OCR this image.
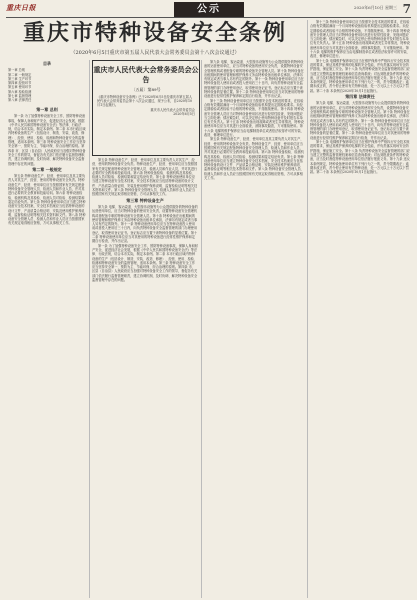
重庆日报	公示	2020年6月10日 星期三 7
重庆市特种设备安全条例
（2020年6月5日重庆市第五届人民代表大会常务委员会第十八次会议通过）

目录

第一章 总则

第二章 一般规定

第三章 生产环节

第四章 经营环节

第五章 使用环节

第六章 检验检测

第七章 监督管理

第八章 法律责任

第一章 总则

第一条 为了加强特种设备安全工作，预防特种设备事故，保障人身和财产安全，促进经济社会发展，根据《中华人民共和国特种设备安全法》等法律、行政法规，结合本市实际，制定本条例。第二条 本市行政区域内特种设备的生产（包括设计、制造、安装、改造、修理）、经营、使用、检验、检测和特种设备安全的监督管理，适用本条例。第三条 特种设备安全工作应当坚持安全第一、预防为主、节能环保、综合治理的原则。第四条 市、区县（自治县）人民政府应当加强对特种设备安全工作的领导，督促各有关部门依法履行监督管理职责，建立协调机制，及时协调、解决特种设备安全监督管理中存在的问题。

第二章 一般规定

第五条 特种设备生产、经营、使用单位及其主要负责人对其生产、经营、使用的特种设备安全负责。特种设备生产、经营、使用单位应当按照国家有关规定配备特种设备安全管理人员、检测人员和作业人员，并对其进行必要的安全教育和技能培训。第六条 特种设备检验、检测机构及其检验、检测人员对检验、检测结果和鉴定结论负责。第七条 特种设备使用单位应当建立特种设备安全技术档案，安全技术档案应当包括特种设备的设计文件、产品质量合格证明、安装及使用维护保养说明、监督检验证明等相关技术资料和文件。第八条 特种设备安全管理人员、检测人员和作业人员应当按照国家有关规定取得相应资格，方可从事相关工作。

重庆市人民代表大会常务委员会公告
〔五届〕第89号
《重庆市特种设备安全条例》已于2020年6月5日经重庆市第五届人民代表大会常务委员会第十八次会议通过，现予公布，自2020年10月1日起施行。
重庆市人民代表大会常务委员会
2020年6月5日

第五条 特种设备生产、经营、使用单位及其主要负责人对其生产、经营、使用的特种设备安全负责。特种设备生产、经营、使用单位应当按照国家有关规定配备特种设备安全管理人员、检测人员和作业人员，并对其进行必要的安全教育和技能培训。第六条 特种设备检验、检测机构及其检验、检测人员对检验、检测结果和鉴定结论负责。第七条 特种设备使用单位应当建立特种设备安全技术档案，安全技术档案应当包括特种设备的设计文件、产品质量合格证明、安装及使用维护保养说明、监督检验证明等相关技术资料和文件。第八条 特种设备安全管理人员、检测人员和作业人员应当按照国家有关规定取得相应资格，方可从事相关工作。

第三章 特种设备生产

第九条 电梯、客运索道、大型游乐设施等为公众提供服务的特种设备的运营使用单位，应当对特种设备的使用安全负责，设置特种设备安全管理机构或者配备专职的特种设备安全管理人员。第十条 特种设备在出租期间的使用管理和维护保养义务由特种设备出租单位承担，法律另有规定或者当事人另有约定的除外。第十一条 特种设备使用单位应当在特种设备投入使用前或者投入使用后三十日内，向负责特种设备安全监督管理的部门办理使用登记，取得使用登记证书。登记标志应当置于该特种设备的显著位置。第十二条 特种设备使用单位应当对其使用的特种设备进行经常性维护保养和定期自行检查，并作出记录。

第一条 为了加强特种设备安全工作，预防特种设备事故，保障人身和财产安全，促进经济社会发展，根据《中华人民共和国特种设备安全法》等法律、行政法规，结合本市实际，制定本条例。第二条 本市行政区域内特种设备的生产（包括设计、制造、安装、改造、修理）、经营、使用、检验、检测和特种设备安全的监督管理，适用本条例。第三条 特种设备安全工作应当坚持安全第一、预防为主、节能环保、综合治理的原则。第四条 市、区县（自治县）人民政府应当加强对特种设备安全工作的领导，督促各有关部门依法履行监督管理职责，建立协调机制，及时协调、解决特种设备安全监督管理中存在的问题。

第九条 电梯、客运索道、大型游乐设施等为公众提供服务的特种设备的运营使用单位，应当对特种设备的使用安全负责，设置特种设备安全管理机构或者配备专职的特种设备安全管理人员。第十条 特种设备在出租期间的使用管理和维护保养义务由特种设备出租单位承担，法律另有规定或者当事人另有约定的除外。第十一条 特种设备使用单位应当在特种设备投入使用前或者投入使用后三十日内，向负责特种设备安全监督管理的部门办理使用登记，取得使用登记证书。登记标志应当置于该特种设备的显著位置。第十二条 特种设备使用单位应当对其使用的特种设备进行经常性维护保养和定期自行检查，并作出记录。

第十三条 特种设备使用单位应当按照安全技术规范的要求，在检验合格有效期届满前一个月向特种设备检验机构提出定期检验要求。未经定期检验或者检验不合格的特种设备，不得继续使用。第十四条 特种设备安全管理人员应当对特种设备使用状况进行经常性检查，发现问题应当立即处理；情况紧急时，可以决定停止使用特种设备并及时报告本单位有关负责人。第十五条 特种设备出现故障或者发生异常情况，特种设备使用单位应当对其进行全面检查，消除事故隐患，方可继续使用。第十六条 电梯的维护保养应当由电梯制造单位或者依法取得许可的安装、改造、修理单位进行。

第五条 特种设备生产、经营、使用单位及其主要负责人对其生产、经营、使用的特种设备安全负责。特种设备生产、经营、使用单位应当按照国家有关规定配备特种设备安全管理人员、检测人员和作业人员，并对其进行必要的安全教育和技能培训。第六条 特种设备检验、检测机构及其检验、检测人员对检验、检测结果和鉴定结论负责。第七条 特种设备使用单位应当建立特种设备安全技术档案，安全技术档案应当包括特种设备的设计文件、产品质量合格证明、安装及使用维护保养说明、监督检验证明等相关技术资料和文件。第八条 特种设备安全管理人员、检测人员和作业人员应当按照国家有关规定取得相应资格，方可从事相关工作。

第十三条 特种设备使用单位应当按照安全技术规范的要求，在检验合格有效期届满前一个月向特种设备检验机构提出定期检验要求。未经定期检验或者检验不合格的特种设备，不得继续使用。第十四条 特种设备安全管理人员应当对特种设备使用状况进行经常性检查，发现问题应当立即处理；情况紧急时，可以决定停止使用特种设备并及时报告本单位有关负责人。第十五条 特种设备出现故障或者发生异常情况，特种设备使用单位应当对其进行全面检查，消除事故隐患，方可继续使用。第十六条 电梯的维护保养应当由电梯制造单位或者依法取得许可的安装、改造、修理单位进行。

第十七条 电梯维护保养单位应当在维护保养中严格执行安全技术规范的要求，保证其维护保养的电梯的安全性能，并负责落实现场安全防护措施，保证施工安全。第十八条 负责特种设备安全监督管理的部门应当建立完整的监督管理档案和信息查询系统；对达到报废条件的特种设备，应当及时督促特种设备使用单位依法履行报废义务。第十九条 违反本条例规定，特种设备使用单位有下列行为之一的，责令限期改正；逾期未改正的，责令停止使用有关特种设备，处一万元以上十万元以下罚款。第二十条 本条例自2020年10月1日起施行。

第四章 法律责任

第九条 电梯、客运索道、大型游乐设施等为公众提供服务的特种设备的运营使用单位，应当对特种设备的使用安全负责，设置特种设备安全管理机构或者配备专职的特种设备安全管理人员。第十条 特种设备在出租期间的使用管理和维护保养义务由特种设备出租单位承担，法律另有规定或者当事人另有约定的除外。第十一条 特种设备使用单位应当在特种设备投入使用前或者投入使用后三十日内，向负责特种设备安全监督管理的部门办理使用登记，取得使用登记证书。登记标志应当置于该特种设备的显著位置。第十二条 特种设备使用单位应当对其使用的特种设备进行经常性维护保养和定期自行检查，并作出记录。

第十七条 电梯维护保养单位应当在维护保养中严格执行安全技术规范的要求，保证其维护保养的电梯的安全性能，并负责落实现场安全防护措施，保证施工安全。第十八条 负责特种设备安全监督管理的部门应当建立完整的监督管理档案和信息查询系统；对达到报废条件的特种设备，应当及时督促特种设备使用单位依法履行报废义务。第十九条 违反本条例规定，特种设备使用单位有下列行为之一的，责令限期改正；逾期未改正的，责令停止使用有关特种设备，处一万元以上十万元以下罚款。第二十条 本条例自2020年10月1日起施行。
